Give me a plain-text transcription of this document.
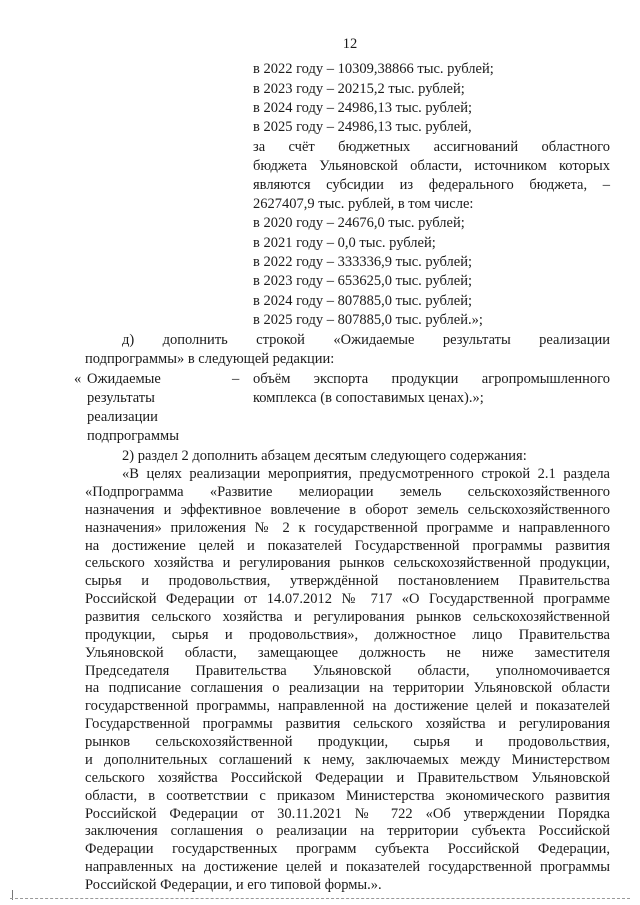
12
в 2022 году – 10309,38866 тыс. рублей;
в 2023 году – 20215,2 тыс. рублей;
в 2024 году – 24986,13 тыс. рублей;
в 2025 году – 24986,13 тыс. рублей,
за счёт бюджетных ассигнований областного
бюджета Ульяновской области, источником которых
являются субсидии из федерального бюджета, –
2627407,9 тыс. рублей, в том числе:
в 2020 году – 24676,0 тыс. рублей;
в 2021 году – 0,0 тыс. рублей;
в 2022 году – 333336,9 тыс. рублей;
в 2023 году – 653625,0 тыс. рублей;
в 2024 году – 807885,0 тыс. рублей;
в 2025 году – 807885,0 тыс. рублей.»;
д) дополнить строкой «Ожидаемые результаты реализации
подпрограммы» в следующей редакции:
« Ожидаемые
результаты
реализации
подпрограммы
– объём экспорта продукции агропромышленного
комплекса (в сопоставимых ценах).»;
2) раздел 2 дополнить абзацем десятым следующего содержания:
«В целях реализации мероприятия, предусмотренного строкой 2.1 раздела
«Подпрограмма «Развитие мелиорации земель сельскохозяйственного
назначения и эффективное вовлечение в оборот земель сельскохозяйственного
назначения» приложения № 2 к государственной программе и направленного
на достижение целей и показателей Государственной программы развития
сельского хозяйства и регулирования рынков сельскохозяйственной продукции,
сырья и продовольствия, утверждённой постановлением Правительства
Российской Федерации от 14.07.2012 № 717 «О Государственной программе
развития сельского хозяйства и регулирования рынков сельскохозяйственной
продукции, сырья и продовольствия», должностное лицо Правительства
Ульяновской области, замещающее должность не ниже заместителя
Председателя Правительства Ульяновской области, уполномочивается
на подписание соглашения о реализации на территории Ульяновской области
государственной программы, направленной на достижение целей и показателей
Государственной программы развития сельского хозяйства и регулирования
рынков сельскохозяйственной продукции, сырья и продовольствия,
и дополнительных соглашений к нему, заключаемых между Министерством
сельского хозяйства Российской Федерации и Правительством Ульяновской
области, в соответствии с приказом Министерства экономического развития
Российской Федерации от 30.11.2021 № 722 «Об утверждении Порядка
заключения соглашения о реализации на территории субъекта Российской
Федерации государственных программ субъекта Российской Федерации,
направленных на достижение целей и показателей государственной программы
Российской Федерации, и его типовой формы.».
